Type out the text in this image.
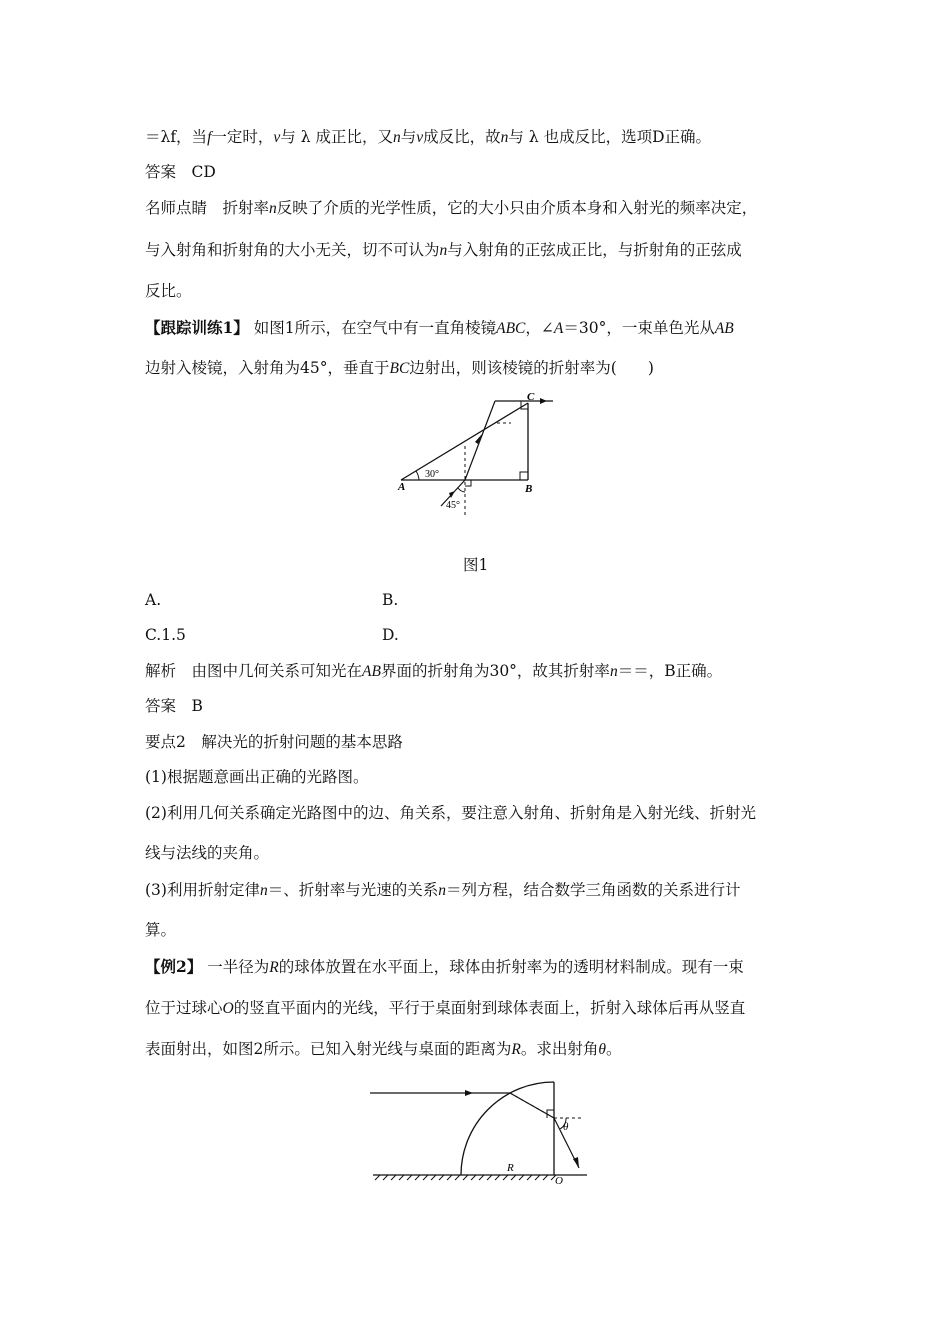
＝λf，当f一定时，v与 λ 成正比，又n与v成反比，故n与 λ 也成反比，选项D正确。
答案　CD
名师点睛　折射率n反映了介质的光学性质，它的大小只由介质本身和入射光的频率决定，
与入射角和折射角的大小无关，切不可认为n与入射角的正弦成正比，与折射角的正弦成
反比。
【跟踪训练1】 如图1所示，在空气中有一直角棱镜ABC，∠A＝30°，一束单色光从AB
边射入棱镜，入射角为45°，垂直于BC边射出，则该棱镜的折射率为(　　)
A	B
C
30°
45°
图1
A.	B.
C.1.5	D.
解析　由图中几何关系可知光在AB界面的折射角为30°，故其折射率n＝＝，B正确。
答案　B
要点2　解决光的折射问题的基本思路
(1)根据题意画出正确的光路图。
(2)利用几何关系确定光路图中的边、角关系，要注意入射角、折射角是入射光线、折射光
线与法线的夹角。
(3)利用折射定律n＝、折射率与光速的关系n＝列方程，结合数学三角函数的关系进行计
算。
【例2】 一半径为R的球体放置在水平面上，球体由折射率为的透明材料制成。现有一束
位于过球心O的竖直平面内的光线，平行于桌面射到球体表面上，折射入球体后再从竖直
表面射出，如图2所示。已知入射光线与桌面的距离为R。求出射角θ。
θ
R
O
